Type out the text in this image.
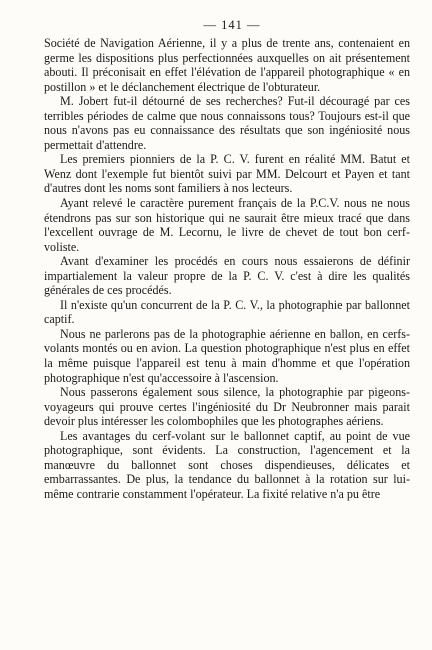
— 141 —

Société de Navigation Aérienne, il y a plus de trente ans, contenaient en germe les dispositions plus perfectionnées auxquelles on ait présentement abouti. Il préconisait en effet l'élévation de l'appareil photographique « en postillon » et le déclanchement électrique de l'obturateur.

M. Jobert fut-il détourné de ses recherches? Fut-il découragé par ces terribles périodes de calme que nous connaissons tous? Toujours est-il que nous n'avons pas eu connaissance des résultats que son ingéniosité nous permettait d'attendre.

Les premiers pionniers de la P. C. V. furent en réalité MM. Batut et Wenz dont l'exemple fut bientôt suivi par MM. Delcourt et Payen et tant d'autres dont les noms sont familiers à nos lecteurs.

Ayant relevé le caractère purement français de la P.C.V. nous ne nous étendrons pas sur son historique qui ne saurait être mieux tracé que dans l'excellent ouvrage de M. Lecornu, le livre de chevet de tout bon cerf-voliste.

Avant d'examiner les procédés en cours nous essaierons de définir impartialement la valeur propre de la P. C. V. c'est à dire les qualités générales de ces procédés.

Il n'existe qu'un concurrent de la P. C. V., la photographie par ballonnet captif.

Nous ne parlerons pas de la photographie aérienne en ballon, en cerfs-volants montés ou en avion. La question photographique n'est plus en effet la même puisque l'appareil est tenu à main d'homme et que l'opération photographique n'est qu'accessoire à l'ascension.

Nous passerons également sous silence, la photographie par pigeons-voyageurs qui prouve certes l'ingéniosité du Dr Neubronner mais parait devoir plus intéresser les colombophiles que les photographes aériens.

Les avantages du cerf-volant sur le ballonnet captif, au point de vue photographique, sont évidents. La construction, l'agencement et la manœuvre du ballonnet sont choses dispendieuses, délicates et embarrassantes. De plus, la tendance du ballonnet à la rotation sur lui-même contrarie constamment l'opérateur. La fixité relative n'a pu être
